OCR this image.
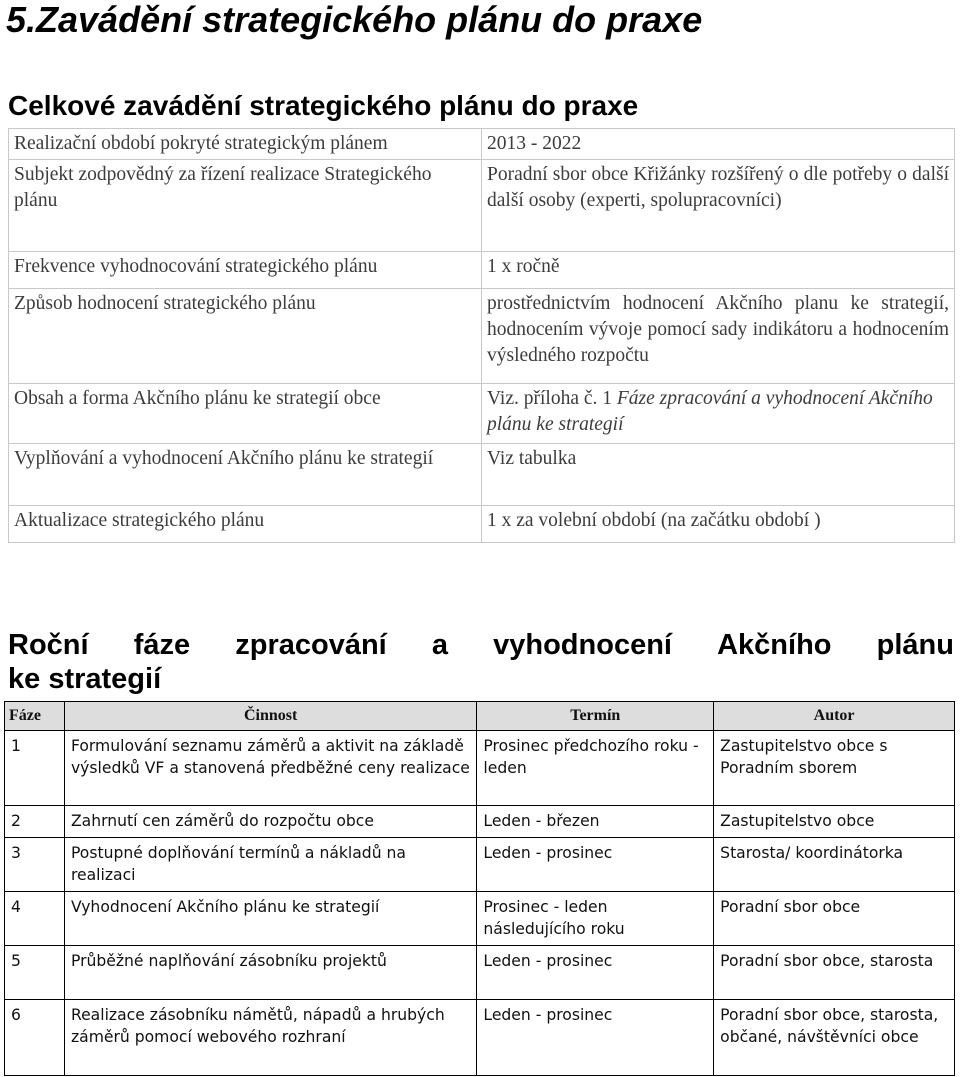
5.Zavádění strategického plánu do praxe
Celkové zavádění strategického plánu do praxe
Realizační období pokryté strategickým plánem	2013 - 2022
Subjekt zodpovědný za řízení realizace Strategického plánu	Poradní sbor obce Křižánky rozšířený o dle potřeby o další další osoby (experti, spolupracovníci)
Frekvence vyhodnocování strategického plánu	1 x ročně
Způsob hodnocení strategického plánu	prostřednictvím hodnocení Akčního planu ke strategií, hodnocením vývoje pomocí sady indikátoru a hodnocením výsledného rozpočtu
Obsah a forma Akčního plánu ke strategií obce	Viz. příloha č. 1 Fáze zpracování a vyhodnocení Akčního plánu ke strategií
Vyplňování a vyhodnocení Akčního plánu ke strategií	Viz tabulka
Aktualizace strategického plánu	1 x za volební období (na začátku období )
Roční fáze zpracování a vyhodnocení Akčního plánu
ke strategií
Fáze	Činnost	Termín	Autor
1	Formulování seznamu záměrů a aktivit na základě výsledků VF a stanovená předběžné ceny realizace	Prosinec předchozího roku - leden	Zastupitelstvo obce s Poradním sborem
2	Zahrnutí cen záměrů do rozpočtu obce	Leden - březen	Zastupitelstvo obce
3	Postupné doplňování termínů a nákladů na realizaci	Leden - prosinec	Starosta/ koordinátorka
4	Vyhodnocení Akčního plánu ke strategií	Prosinec - leden následujícího roku	Poradní sbor obce
5	Průběžné naplňování zásobníku projektů	Leden - prosinec	Poradní sbor obce, starosta
6	Realizace zásobníku námětů, nápadů a hrubých záměrů pomocí webového rozhraní	Leden - prosinec	Poradní sbor obce, starosta, občané, návštěvníci obce
